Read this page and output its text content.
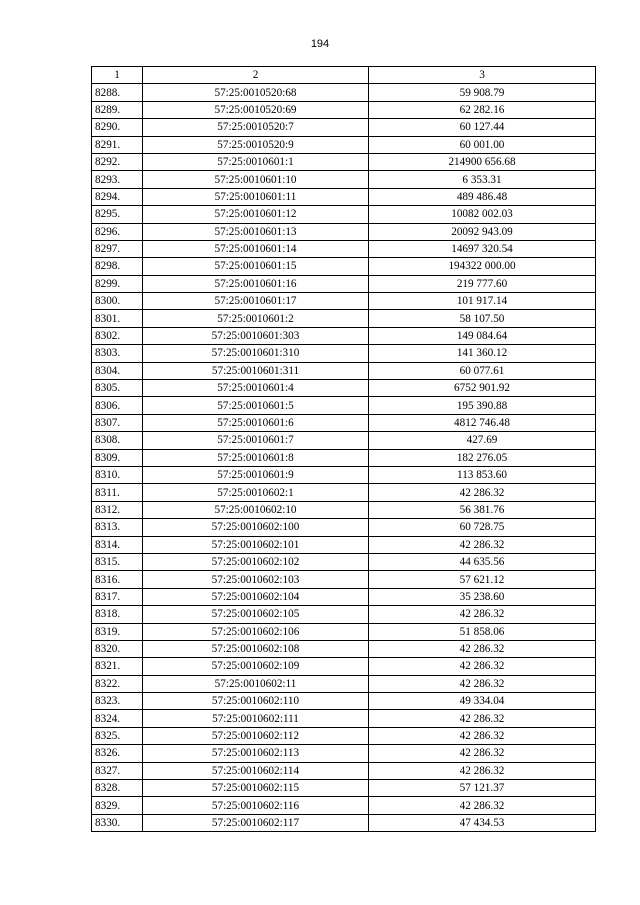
194
1	2	3
8288.	57:25:0010520:68	59 908.79
8289.	57:25:0010520:69	62 282.16
8290.	57:25:0010520:7	60 127.44
8291.	57:25:0010520:9	60 001.00
8292.	57:25:0010601:1	214900 656.68
8293.	57:25:0010601:10	6 353.31
8294.	57:25:0010601:11	489 486.48
8295.	57:25:0010601:12	10082 002.03
8296.	57:25:0010601:13	20092 943.09
8297.	57:25:0010601:14	14697 320.54
8298.	57:25:0010601:15	194322 000.00
8299.	57:25:0010601:16	219 777.60
8300.	57:25:0010601:17	101 917.14
8301.	57:25:0010601:2	58 107.50
8302.	57:25:0010601:303	149 084.64
8303.	57:25:0010601:310	141 360.12
8304.	57:25:0010601:311	60 077.61
8305.	57:25:0010601:4	6752 901.92
8306.	57:25:0010601:5	195 390.88
8307.	57:25:0010601:6	4812 746.48
8308.	57:25:0010601:7	427.69
8309.	57:25:0010601:8	182 276.05
8310.	57:25:0010601:9	113 853.60
8311.	57:25:0010602:1	42 286.32
8312.	57:25:0010602:10	56 381.76
8313.	57:25:0010602:100	60 728.75
8314.	57:25:0010602:101	42 286.32
8315.	57:25:0010602:102	44 635.56
8316.	57:25:0010602:103	57 621.12
8317.	57:25:0010602:104	35 238.60
8318.	57:25:0010602:105	42 286.32
8319.	57:25:0010602:106	51 858.06
8320.	57:25:0010602:108	42 286.32
8321.	57:25:0010602:109	42 286.32
8322.	57:25:0010602:11	42 286.32
8323.	57:25:0010602:110	49 334.04
8324.	57:25:0010602:111	42 286.32
8325.	57:25:0010602:112	42 286.32
8326.	57:25:0010602:113	42 286.32
8327.	57:25:0010602:114	42 286.32
8328.	57:25:0010602:115	57 121.37
8329.	57:25:0010602:116	42 286.32
8330.	57:25:0010602:117	47 434.53
